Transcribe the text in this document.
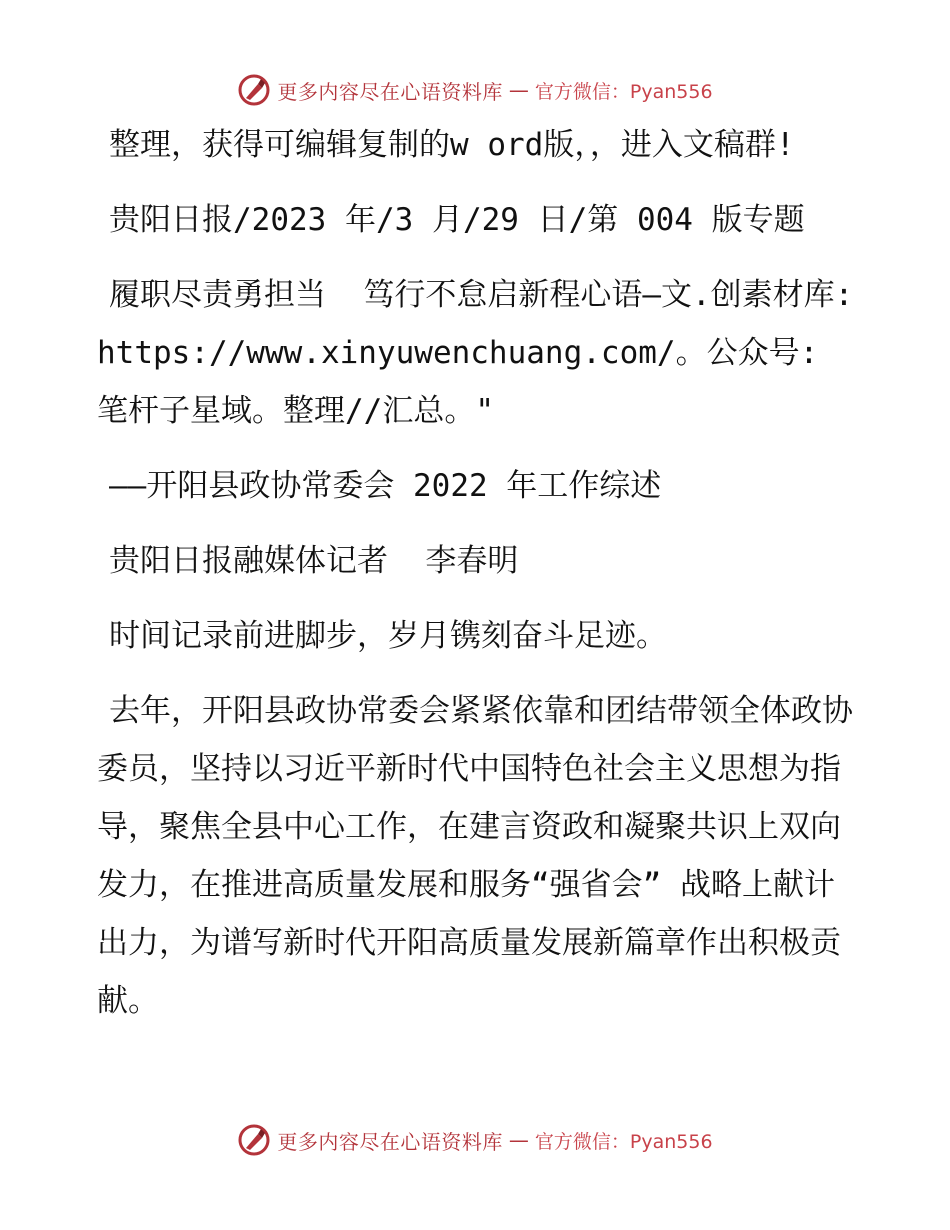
更多内容尽在心语资料库 — 官方微信：Pyan556

整理，获得可编辑复制的w ord版，，进入文稿群!

贵阳日报/2023 年/3 月/29 日/第 004 版专题

履职尽责勇担当  笃行不怠启新程心语—文.创素材库: https://www.xinyuwenchuang.com/。公众号: 笔杆子星域。整理//汇总。"

——开阳县政协常委会 2022 年工作综述

贵阳日报融媒体记者  李春明

时间记录前进脚步，岁月镌刻奋斗足迹。

去年，开阳县政协常委会紧紧依靠和团结带领全体政协委员，坚持以习近平新时代中国特色社会主义思想为指导，聚焦全县中心工作，在建言资政和凝聚共识上双向发力，在推进高质量发展和服务“强省会” 战略上献计出力，为谱写新时代开阳高质量发展新篇章作出积极贡献。

更多内容尽在心语资料库 — 官方微信：Pyan556
